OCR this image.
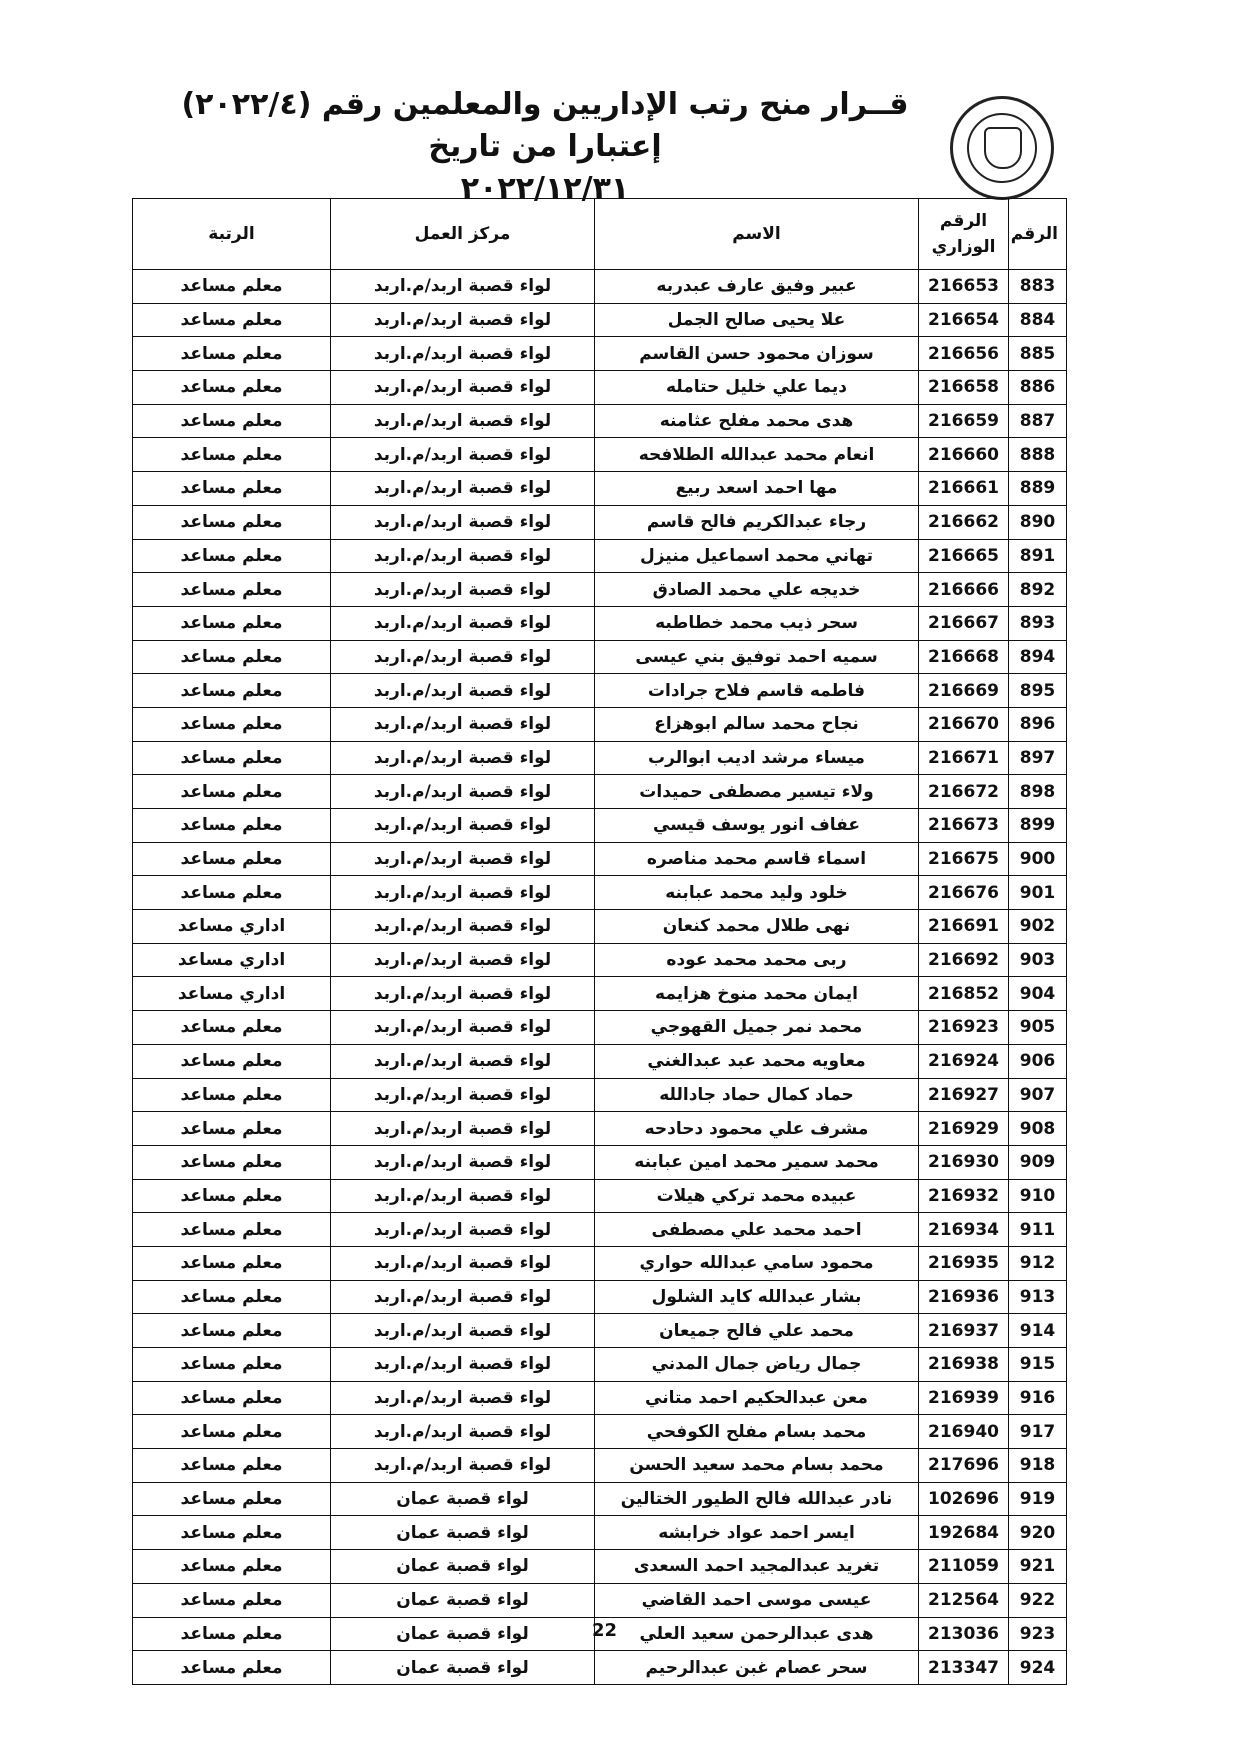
قــرار منح رتب الإداريين والمعلمين رقم (٢٠٢٢/٤) إعتبارا من تاريخ
٢٠٢٢/١٢/٣١
الرقم	الرقم الوزاري	الاسم	مركز العمل	الرتبة
883	216653	عبير وفيق عارف عبدربه	لواء قصبة اربد/م.اربد	معلم مساعد
884	216654	علا يحيى صالح الجمل	لواء قصبة اربد/م.اربد	معلم مساعد
885	216656	سوزان محمود حسن القاسم	لواء قصبة اربد/م.اربد	معلم مساعد
886	216658	ديما علي خليل حتامله	لواء قصبة اربد/م.اربد	معلم مساعد
887	216659	هدى محمد مفلح عثامنه	لواء قصبة اربد/م.اربد	معلم مساعد
888	216660	انعام محمد عبدالله الطلافحه	لواء قصبة اربد/م.اربد	معلم مساعد
889	216661	مها احمد اسعد ربيع	لواء قصبة اربد/م.اربد	معلم مساعد
890	216662	رجاء عبدالكريم فالح قاسم	لواء قصبة اربد/م.اربد	معلم مساعد
891	216665	تهاني محمد اسماعيل منيزل	لواء قصبة اربد/م.اربد	معلم مساعد
892	216666	خديجه علي محمد الصادق	لواء قصبة اربد/م.اربد	معلم مساعد
893	216667	سحر ذيب محمد خطاطبه	لواء قصبة اربد/م.اربد	معلم مساعد
894	216668	سميه احمد توفيق بني عيسى	لواء قصبة اربد/م.اربد	معلم مساعد
895	216669	فاطمه قاسم فلاح جرادات	لواء قصبة اربد/م.اربد	معلم مساعد
896	216670	نجاح محمد سالم ابوهزاع	لواء قصبة اربد/م.اربد	معلم مساعد
897	216671	ميساء مرشد اديب ابوالرب	لواء قصبة اربد/م.اربد	معلم مساعد
898	216672	ولاء تيسير مصطفى حميدات	لواء قصبة اربد/م.اربد	معلم مساعد
899	216673	عفاف انور يوسف قيسي	لواء قصبة اربد/م.اربد	معلم مساعد
900	216675	اسماء قاسم محمد مناصره	لواء قصبة اربد/م.اربد	معلم مساعد
901	216676	خلود وليد محمد عبابنه	لواء قصبة اربد/م.اربد	معلم مساعد
902	216691	نهى طلال محمد كنعان	لواء قصبة اربد/م.اربد	اداري مساعد
903	216692	ربى محمد محمد عوده	لواء قصبة اربد/م.اربد	اداري مساعد
904	216852	ايمان محمد منوخ هزايمه	لواء قصبة اربد/م.اربد	اداري مساعد
905	216923	محمد نمر جميل القهوجي	لواء قصبة اربد/م.اربد	معلم مساعد
906	216924	معاويه محمد عبد عبدالغني	لواء قصبة اربد/م.اربد	معلم مساعد
907	216927	حماد كمال حماد جادالله	لواء قصبة اربد/م.اربد	معلم مساعد
908	216929	مشرف علي محمود دحادحه	لواء قصبة اربد/م.اربد	معلم مساعد
909	216930	محمد سمير محمد امين عبابنه	لواء قصبة اربد/م.اربد	معلم مساعد
910	216932	عبيده محمد تركي هيلات	لواء قصبة اربد/م.اربد	معلم مساعد
911	216934	احمد محمد علي مصطفى	لواء قصبة اربد/م.اربد	معلم مساعد
912	216935	محمود سامي عبدالله حواري	لواء قصبة اربد/م.اربد	معلم مساعد
913	216936	بشار عبدالله كايد الشلول	لواء قصبة اربد/م.اربد	معلم مساعد
914	216937	محمد علي فالح جميعان	لواء قصبة اربد/م.اربد	معلم مساعد
915	216938	جمال رياض جمال المدني	لواء قصبة اربد/م.اربد	معلم مساعد
916	216939	معن عبدالحكيم احمد متاني	لواء قصبة اربد/م.اربد	معلم مساعد
917	216940	محمد بسام مفلح الكوفحي	لواء قصبة اربد/م.اربد	معلم مساعد
918	217696	محمد بسام محمد سعيد الحسن	لواء قصبة اربد/م.اربد	معلم مساعد
919	102696	نادر عبدالله فالح الطيور الختالين	لواء قصبة عمان	معلم مساعد
920	192684	ايسر احمد عواد خرابشه	لواء قصبة عمان	معلم مساعد
921	211059	تغريد عبدالمجيد احمد السعدى	لواء قصبة عمان	معلم مساعد
922	212564	عيسى موسى احمد القاضي	لواء قصبة عمان	معلم مساعد
923	213036	هدى عبدالرحمن سعيد العلي	لواء قصبة عمان	معلم مساعد
924	213347	سحر عصام غبن عبدالرحيم	لواء قصبة عمان	معلم مساعد
22
